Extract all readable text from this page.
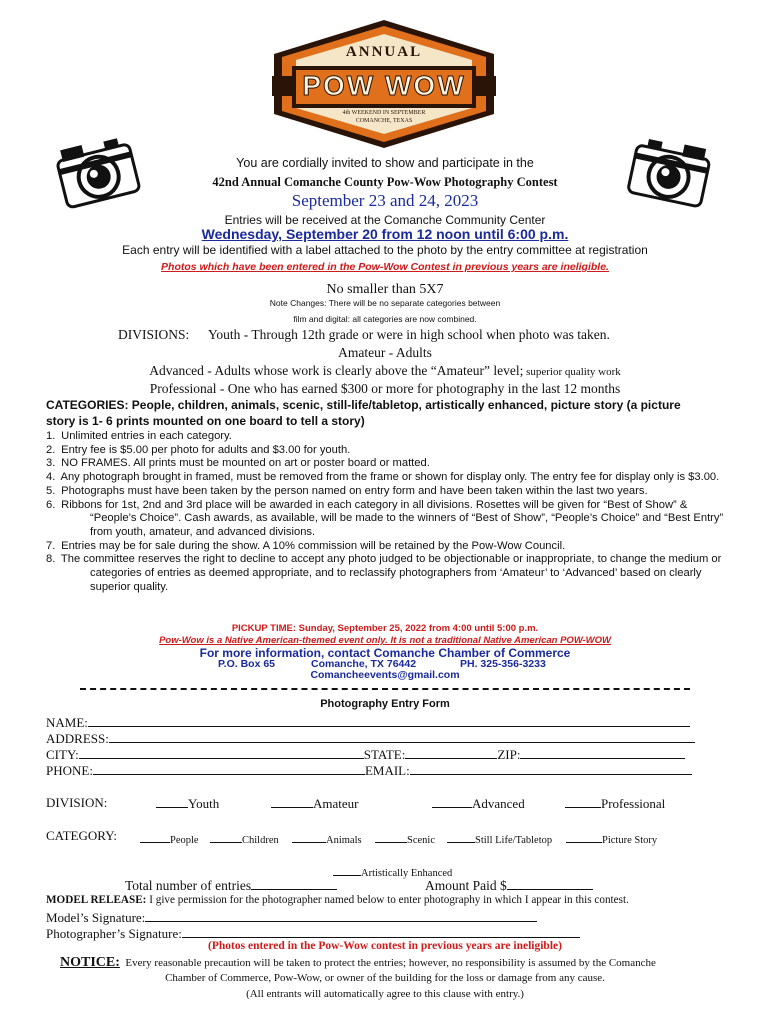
ANNUAL
POW WOW
4th WEEKEND IN SEPTEMBER
COMANCHE, TEXAS
You are cordially invited to show and participate in the
42nd Annual Comanche County Pow-Wow Photography Contest
September 23 and 24, 2023
Entries will be received at the Comanche Community Center
Wednesday, September 20 from 12 noon until 6:00 p.m.
Each entry will be identified with a label attached to the photo by the entry committee at registration
Photos which have been entered in the Pow-Wow Contest in previous years are ineligible.
No smaller than 5X7
Note Changes: There will be no separate categories between
film and digital: all categories are now combined.
DIVISIONS: Youth - Through 12th grade or were in high school when photo was taken.
Amateur - Adults
Advanced - Adults whose work is clearly above the “Amateur” level; superior quality work
Professional - One who has earned $300 or more for photography in the last 12 months
CATEGORIES: People, children, animals, scenic, still-life/tabletop, artistically enhanced, picture story (a picture
story is 1- 6 prints mounted on one board to tell a story)
1. Unlimited entries in each category.
2. Entry fee is $5.00 per photo for adults and $3.00 for youth.
3. NO FRAMES. All prints must be mounted on art or poster board or matted.
4. Any photograph brought in framed, must be removed from the frame or shown for display only. The entry fee for display only is $3.00.
5. Photographs must have been taken by the person named on entry form and have been taken within the last two years.
6. Ribbons for 1st, 2nd and 3rd place will be awarded in each category in all divisions. Rosettes will be given for “Best of Show” & “People’s Choice”. Cash awards, as available, will be made to the winners of “Best of Show”, “People’s Choice” and “Best Entry” from youth, amateur, and advanced divisions.
7. Entries may be for sale during the show. A 10% commission will be retained by the Pow-Wow Council.
8. The committee reserves the right to decline to accept any photo judged to be objectionable or inappropriate, to change the medium or categories of entries as deemed appropriate, and to reclassify photographers from ‘Amateur’ to ‘Advanced’ based on clearly superior quality.
PICKUP TIME: Sunday, September 25, 2022 from 4:00 until 5:00 p.m.
Pow-Wow is a Native American-themed event only. It is not a traditional Native American POW-WOW
For more information, contact Comanche Chamber of Commerce
P.O. Box 65	Comanche, TX 76442	PH. 325-356-3233
Comancheevents@gmail.com
Photography Entry Form
NAME:
ADDRESS:
CITY:	STATE:	ZIP:
PHONE:	EMAIL:
DIVISION:	Youth	Amateur	Advanced	Professional
CATEGORY:	People	Children	Animals	Scenic	Still Life/Tabletop	Picture Story
Artistically Enhanced
Total number of entries	Amount Paid $
MODEL RELEASE: I give permission for the photographer named below to enter photography in which I appear in this contest.
Model’s Signature:
Photographer’s Signature:
(Photos entered in the Pow-Wow contest in previous years are ineligible)
NOTICE: Every reasonable precaution will be taken to protect the entries; however, no responsibility is assumed by the Comanche
Chamber of Commerce, Pow-Wow, or owner of the building for the loss or damage from any cause.
(All entrants will automatically agree to this clause with entry.)
